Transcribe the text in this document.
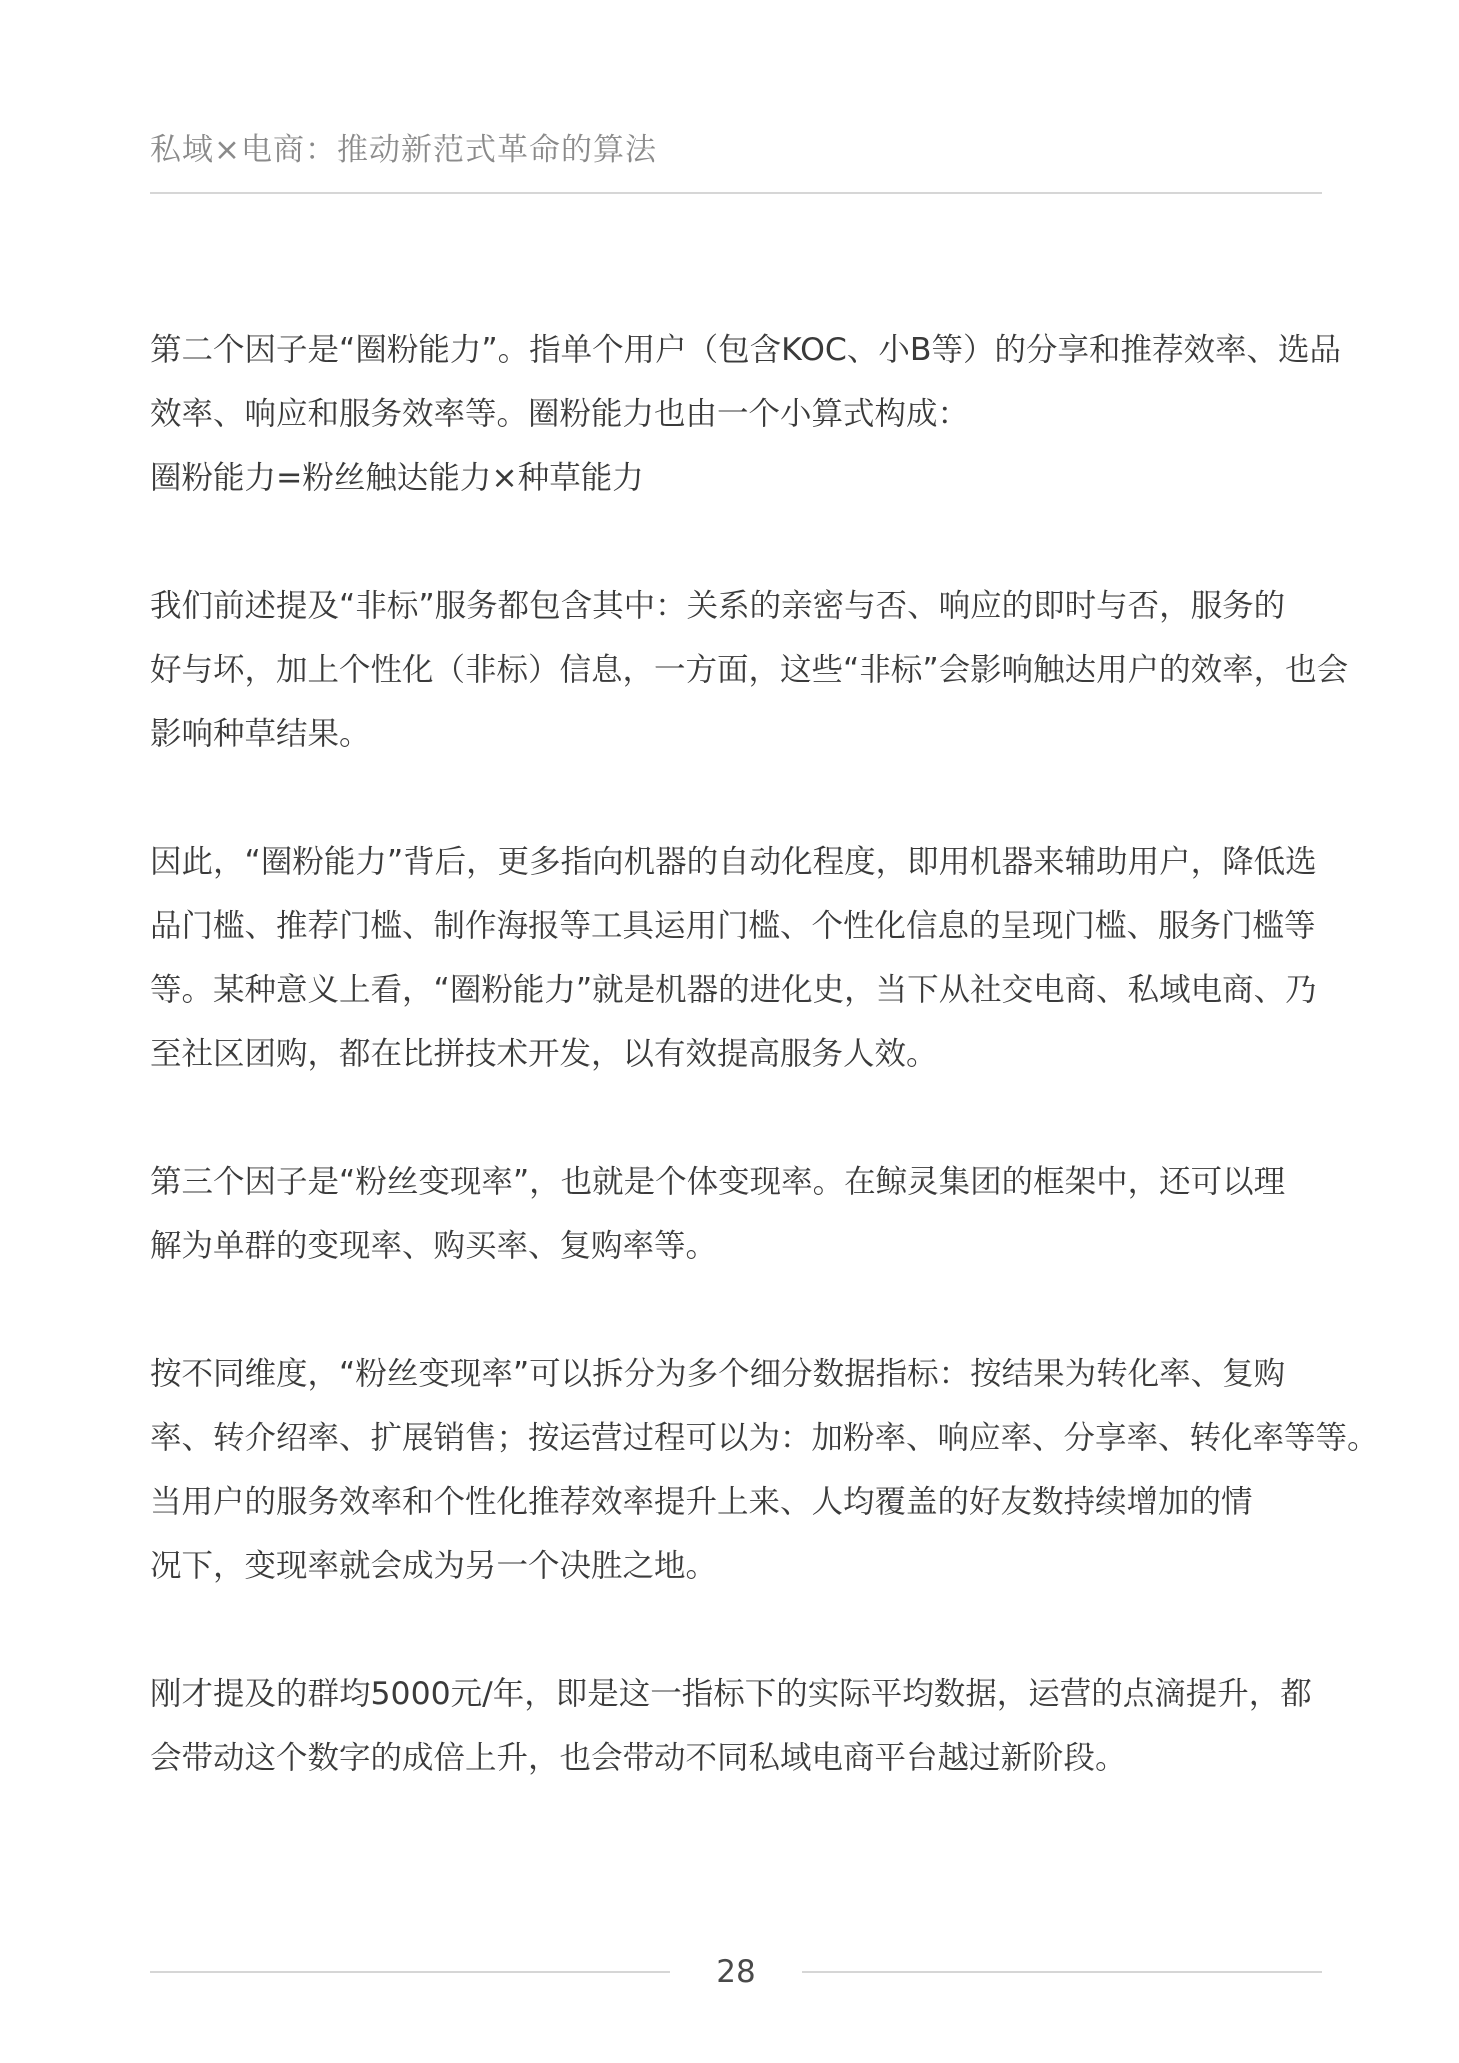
私域×电商：推动新范式革命的算法

第二个因子是“圈粉能力”。指单个用户（包含KOC、小B等）的分享和推荐效率、选品
效率、响应和服务效率等。圈粉能力也由一个小算式构成：
圈粉能力=粉丝触达能力×种草能力

我们前述提及“非标”服务都包含其中：关系的亲密与否、响应的即时与否，服务的
好与坏，加上个性化（非标）信息，一方面，这些“非标”会影响触达用户的效率，也会
影响种草结果。

因此，“圈粉能力”背后，更多指向机器的自动化程度，即用机器来辅助用户，降低选
品门槛、推荐门槛、制作海报等工具运用门槛、个性化信息的呈现门槛、服务门槛等
等。某种意义上看，“圈粉能力”就是机器的进化史，当下从社交电商、私域电商、乃
至社区团购，都在比拼技术开发，以有效提高服务人效。

第三个因子是“粉丝变现率”，也就是个体变现率。在鲸灵集团的框架中，还可以理
解为单群的变现率、购买率、复购率等。

按不同维度，“粉丝变现率”可以拆分为多个细分数据指标：按结果为转化率、复购
率、转介绍率、扩展销售；按运营过程可以为：加粉率、响应率、分享率、转化率等等。
当用户的服务效率和个性化推荐效率提升上来、人均覆盖的好友数持续增加的情
况下，变现率就会成为另一个决胜之地。

刚才提及的群均5000元/年，即是这一指标下的实际平均数据，运营的点滴提升，都
会带动这个数字的成倍上升，也会带动不同私域电商平台越过新阶段。

28
